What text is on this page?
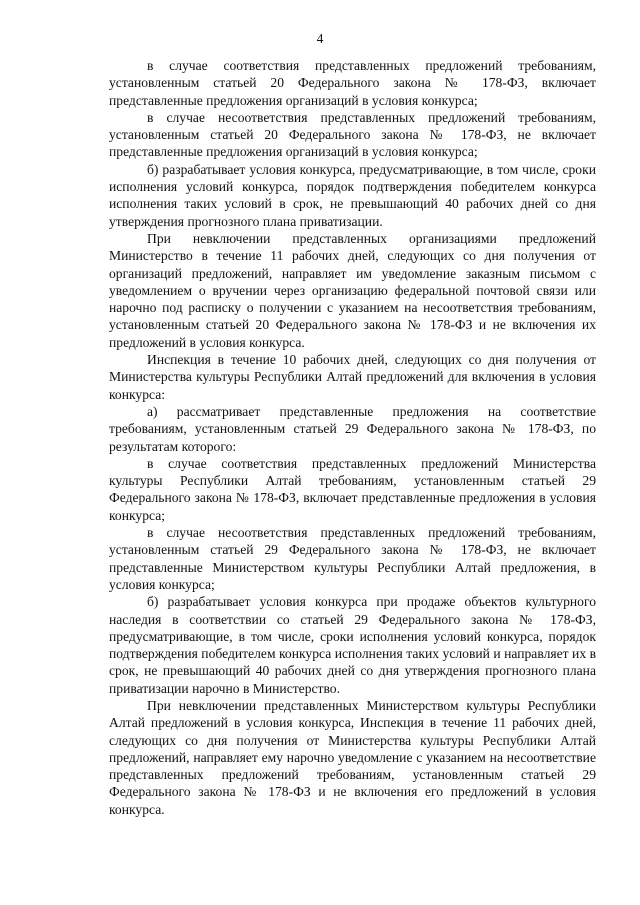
4

в случае соответствия представленных предложений требованиям, установленным статьей 20 Федерального закона № 178-ФЗ, включает представленные предложения организаций в условия конкурса;

в случае несоответствия представленных предложений требованиям, установленным статьей 20 Федерального закона № 178-ФЗ, не включает представленные предложения организаций в условия конкурса;

б) разрабатывает условия конкурса, предусматривающие, в том числе, сроки исполнения условий конкурса, порядок подтверждения победителем конкурса исполнения таких условий в срок, не превышающий 40 рабочих дней со дня утверждения прогнозного плана приватизации.

При невключении представленных организациями предложений Министерство в течение 11 рабочих дней, следующих со дня получения от организаций предложений, направляет им уведомление заказным письмом с уведомлением о вручении через организацию федеральной почтовой связи или нарочно под расписку о получении с указанием на несоответствия требованиям, установленным статьей 20 Федерального закона № 178-ФЗ и не включения их предложений в условия конкурса.

Инспекция в течение 10 рабочих дней, следующих со дня получения от Министерства культуры Республики Алтай предложений для включения в условия конкурса:

а) рассматривает представленные предложения на соответствие требованиям, установленным статьей 29 Федерального закона № 178-ФЗ, по результатам которого:

в случае соответствия представленных предложений Министерства культуры Республики Алтай требованиям, установленным статьей 29 Федерального закона № 178-ФЗ, включает представленные предложения в условия конкурса;

в случае несоответствия представленных предложений требованиям, установленным статьей 29 Федерального закона № 178-ФЗ, не включает представленные Министерством культуры Республики Алтай предложения, в условия конкурса;

б) разрабатывает условия конкурса при продаже объектов культурного наследия в соответствии со статьей 29 Федерального закона № 178-ФЗ, предусматривающие, в том числе, сроки исполнения условий конкурса, порядок подтверждения победителем конкурса исполнения таких условий и направляет их в срок, не превышающий 40 рабочих дней со дня утверждения прогнозного плана приватизации нарочно в Министерство.

При невключении представленных Министерством культуры Республики Алтай предложений в условия конкурса, Инспекция в течение 11 рабочих дней, следующих со дня получения от Министерства культуры Республики Алтай предложений, направляет ему нарочно уведомление с указанием на несоответствие представленных предложений требованиям, установленным статьей 29 Федерального закона № 178-ФЗ и не включения его предложений в условия конкурса.
